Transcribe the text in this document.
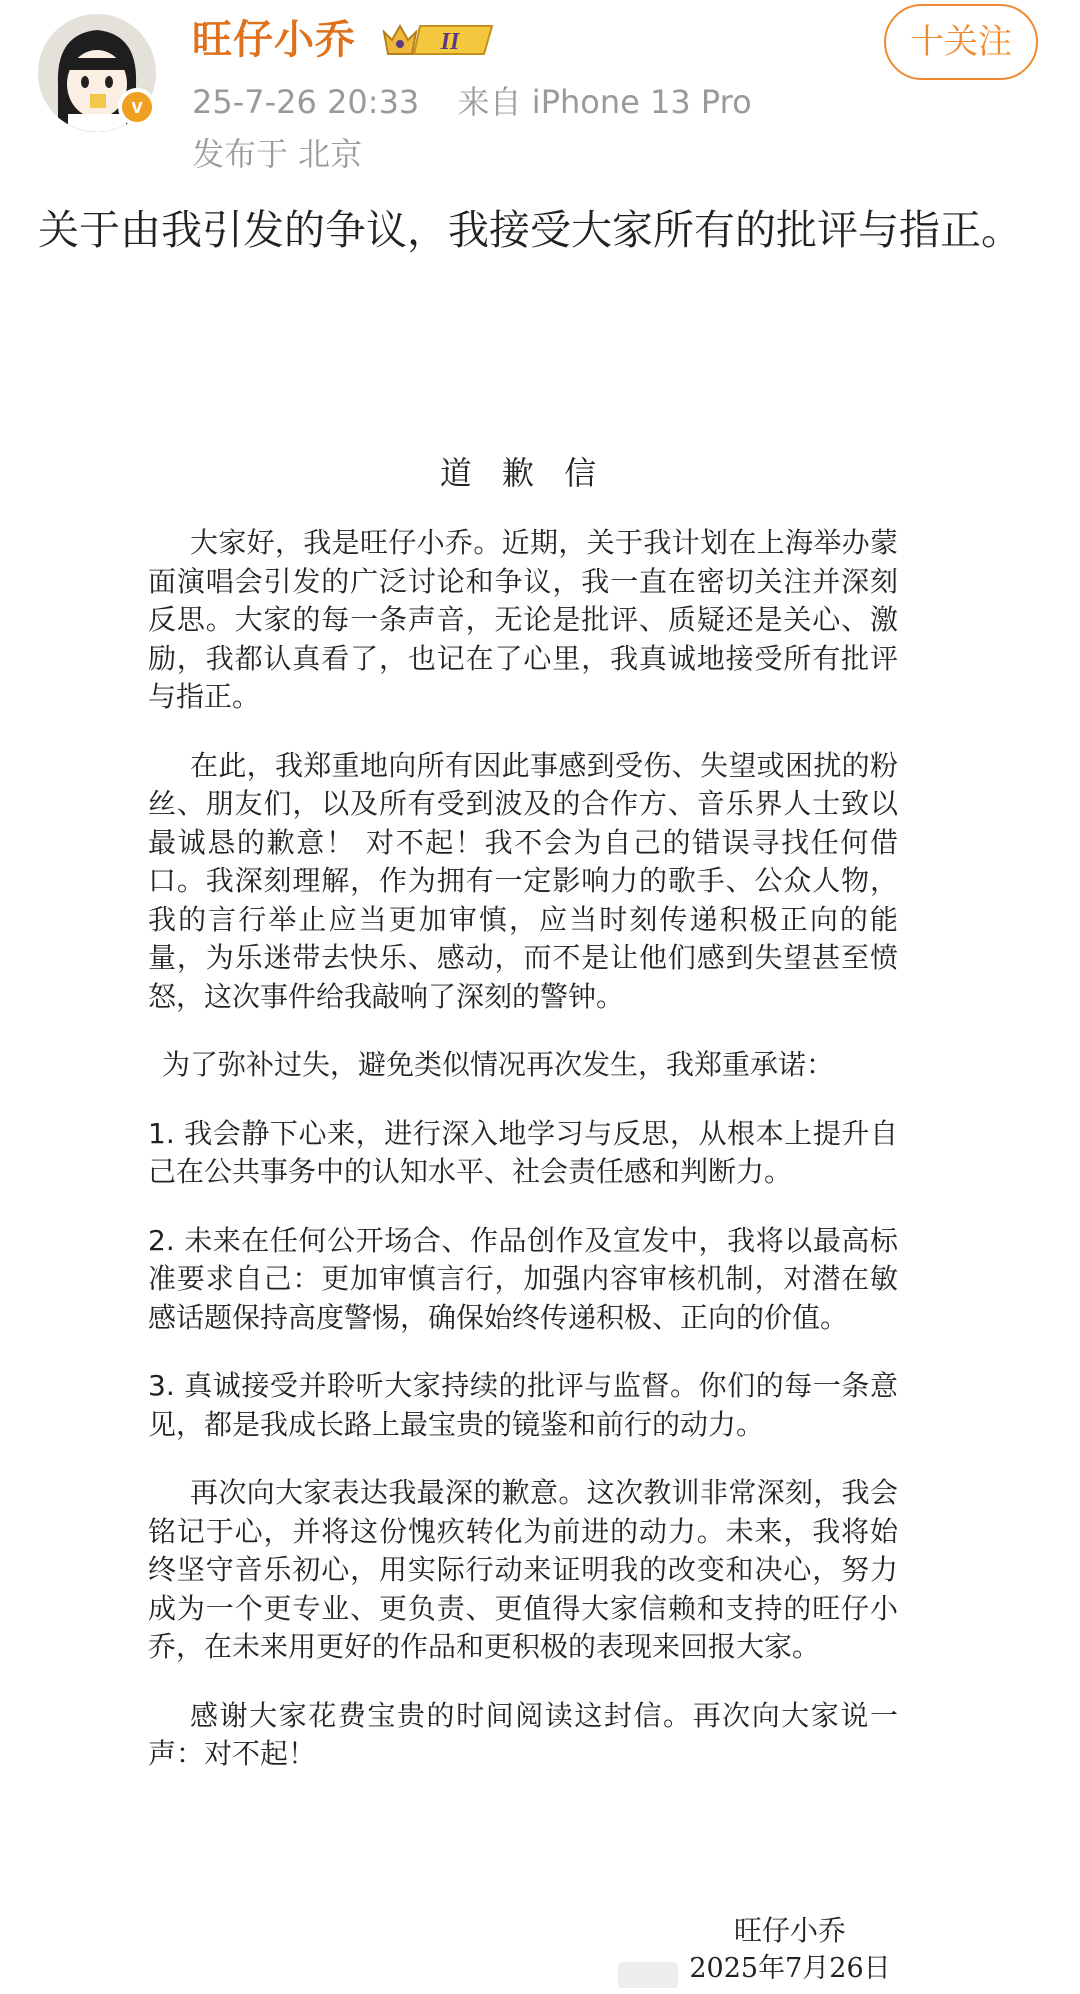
v
旺仔小乔	II
25-7-26 20:33 来自 iPhone 13 Pro
发布于 北京
十关注
关于由我引发的争议，我接受大家所有的批评与指正。
道 歉 信

大家好，我是旺仔小乔。近期，关于我计划在上海举办蒙面演唱会引发的广泛讨论和争议，我一直在密切关注并深刻反思。大家的每一条声音，无论是批评、质疑还是关心、激励，我都认真看了，也记在了心里，我真诚地接受所有批评与指正。

在此，我郑重地向所有因此事感到受伤、失望或困扰的粉丝、朋友们，以及所有受到波及的合作方、音乐界人士致以最诚恳的歉意！ 对不起！我不会为自己的错误寻找任何借口。我深刻理解，作为拥有一定影响力的歌手、公众人物，我的言行举止应当更加审慎，应当时刻传递积极正向的能量，为乐迷带去快乐、感动，而不是让他们感到失望甚至愤怒，这次事件给我敲响了深刻的警钟。

为了弥补过失，避免类似情况再次发生，我郑重承诺：

1. 我会静下心来，进行深入地学习与反思，从根本上提升自己在公共事务中的认知水平、社会责任感和判断力。

2. 未来在任何公开场合、作品创作及宣发中，我将以最高标准要求自己：更加审慎言行，加强内容审核机制，对潜在敏感话题保持高度警惕，确保始终传递积极、正向的价值。

3. 真诚接受并聆听大家持续的批评与监督。你们的每一条意见，都是我成长路上最宝贵的镜鉴和前行的动力。

再次向大家表达我最深的歉意。这次教训非常深刻，我会铭记于心，并将这份愧疚转化为前进的动力。未来，我将始终坚守音乐初心，用实际行动来证明我的改变和决心，努力成为一个更专业、更负责、更值得大家信赖和支持的旺仔小乔，在未来用更好的作品和更积极的表现来回报大家。

感谢大家花费宝贵的时间阅读这封信。再次向大家说一声：对不起！

旺仔小乔
2025年7月26日
